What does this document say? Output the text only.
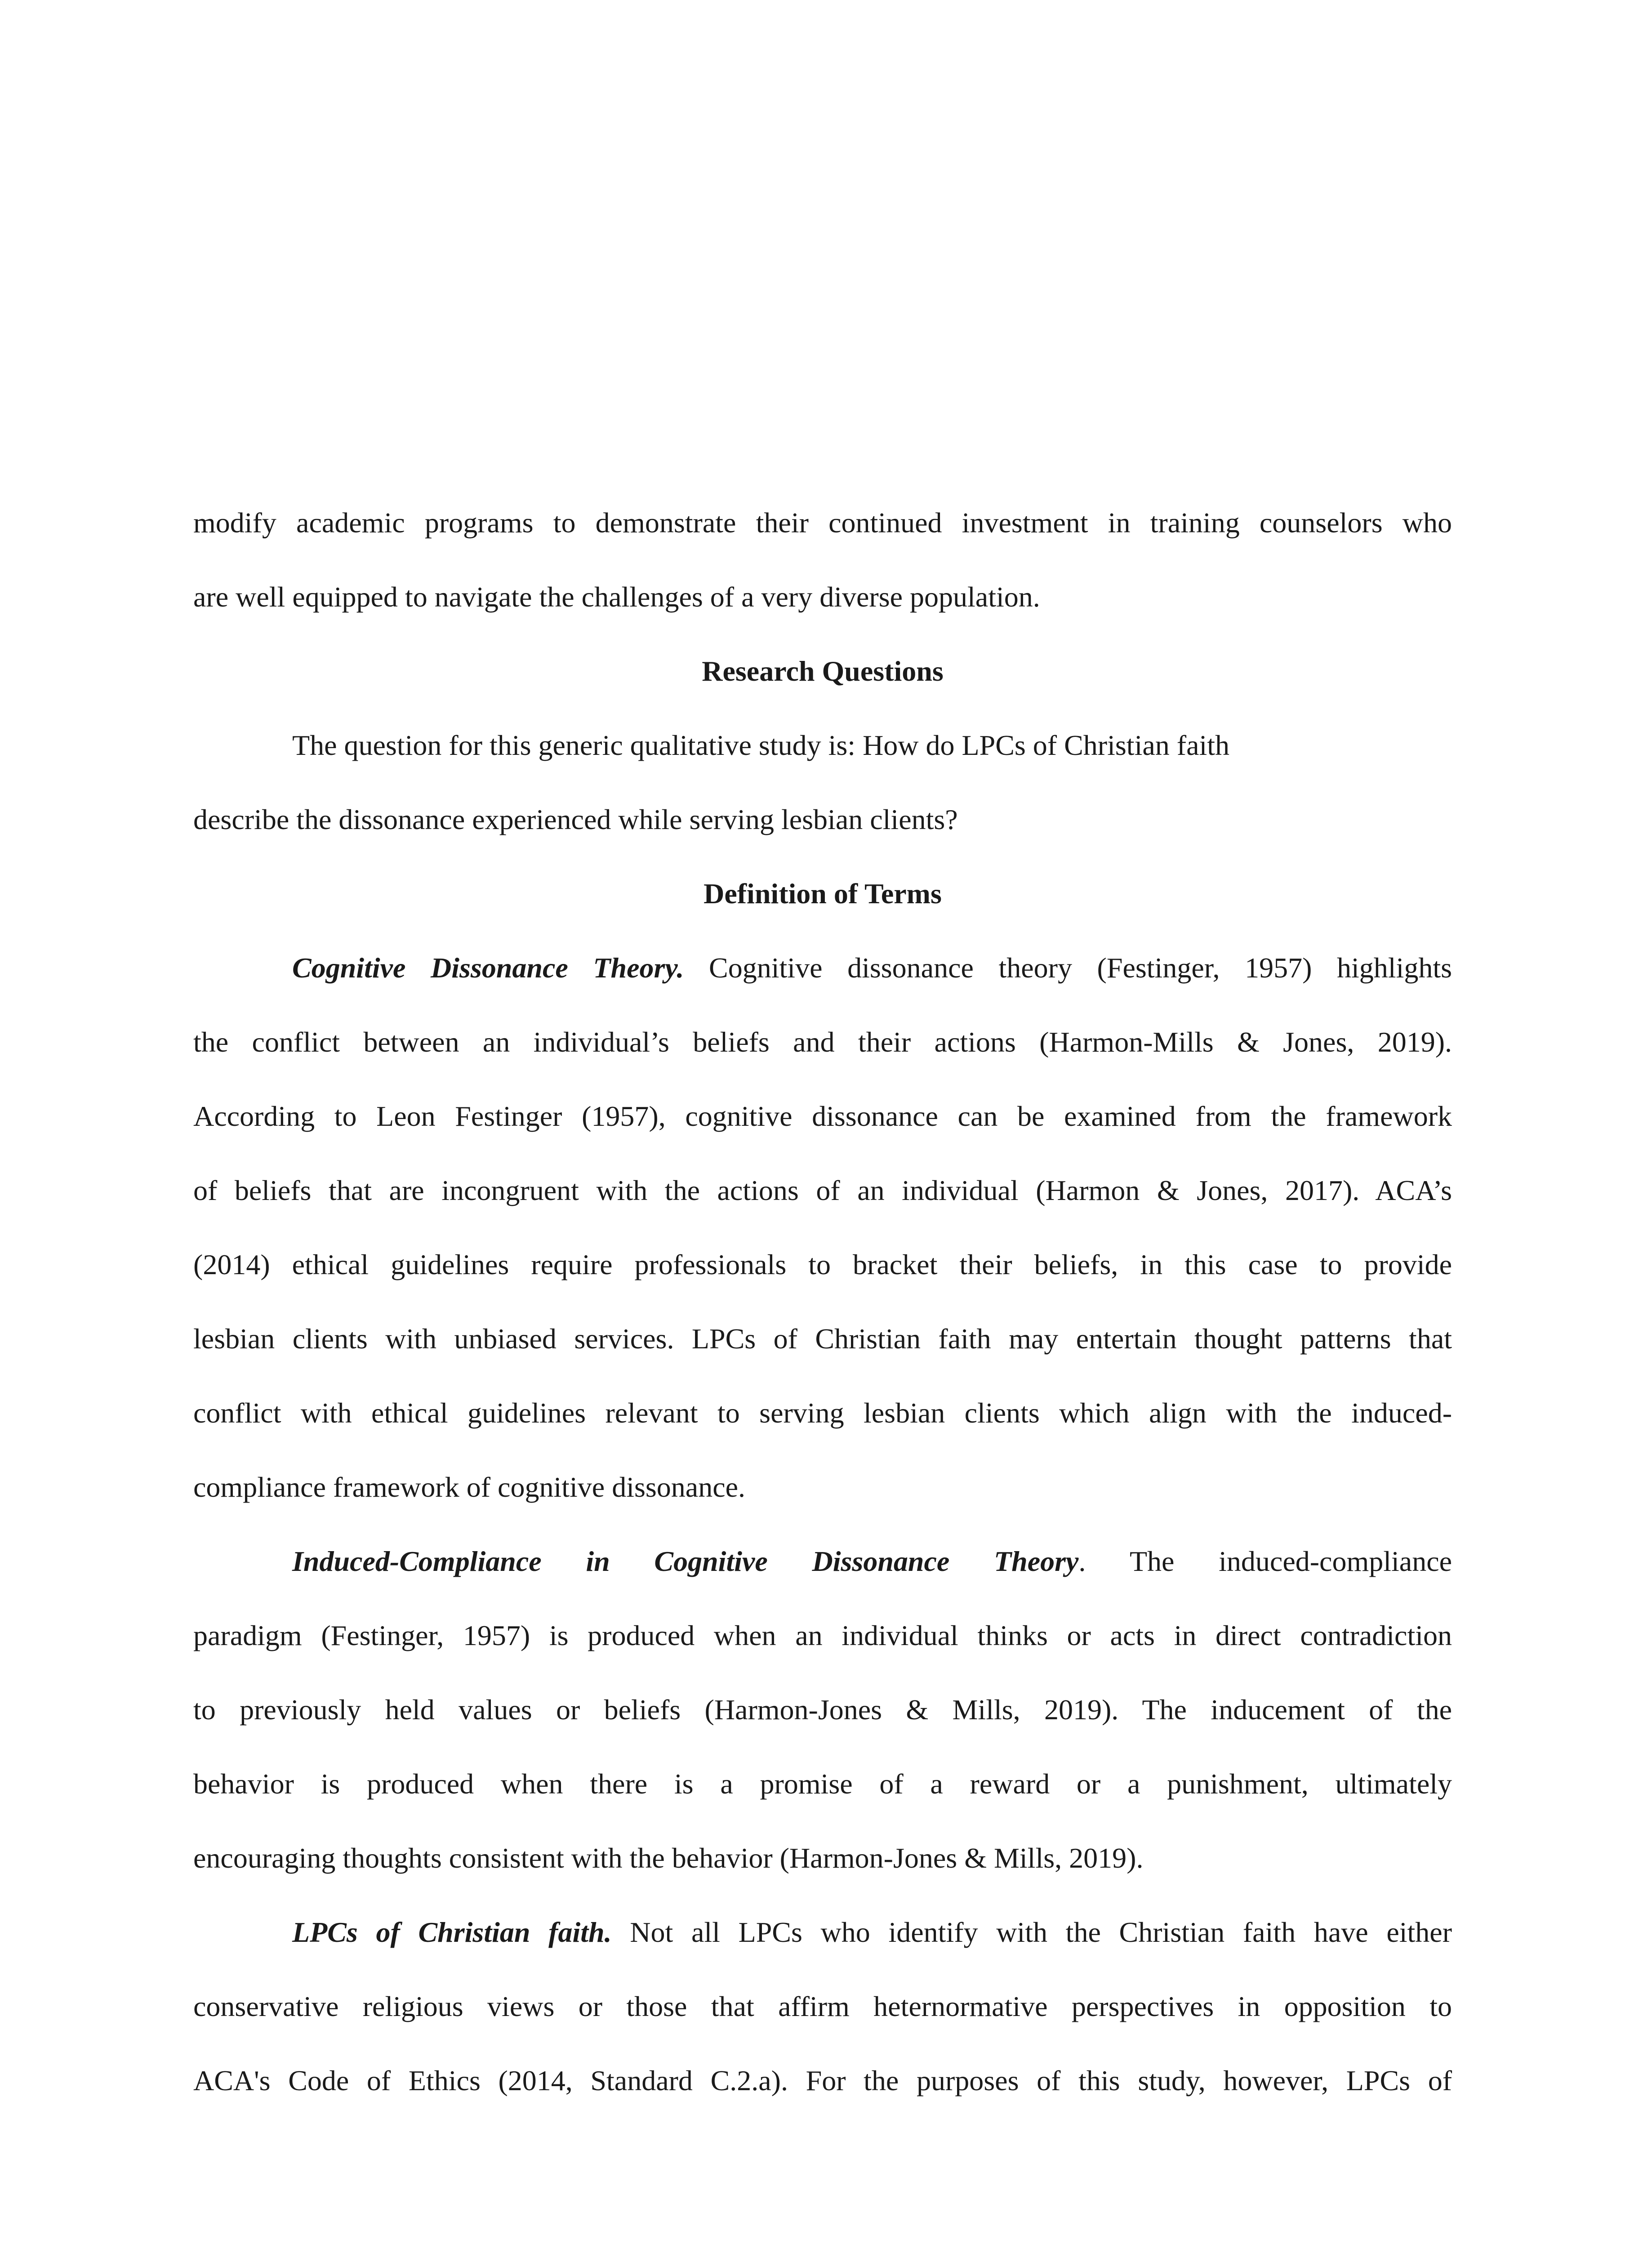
modify academic programs to demonstrate their continued investment in training counselors who
are well equipped to navigate the challenges of a very diverse population.
Research Questions
The question for this generic qualitative study is: How do LPCs of Christian faith
describe the dissonance experienced while serving lesbian clients?
Definition of Terms
Cognitive Dissonance Theory. Cognitive dissonance theory (Festinger, 1957) highlights
the conflict between an individual’s beliefs and their actions (Harmon-Mills & Jones, 2019).
According to Leon Festinger (1957), cognitive dissonance can be examined from the framework
of beliefs that are incongruent with the actions of an individual (Harmon & Jones, 2017). ACA’s
(2014) ethical guidelines require professionals to bracket their beliefs, in this case to provide
lesbian clients with unbiased services. LPCs of Christian faith may entertain thought patterns that
conflict with ethical guidelines relevant to serving lesbian clients which align with the induced-
compliance framework of cognitive dissonance.
Induced-Compliance in Cognitive Dissonance Theory. The induced-compliance
paradigm (Festinger, 1957) is produced when an individual thinks or acts in direct contradiction
to previously held values or beliefs (Harmon-Jones & Mills, 2019). The inducement of the
behavior is produced when there is a promise of a reward or a punishment, ultimately
encouraging thoughts consistent with the behavior (Harmon-Jones & Mills, 2019).
LPCs of Christian faith. Not all LPCs who identify with the Christian faith have either
conservative religious views or those that affirm heternormative perspectives in opposition to
ACA's Code of Ethics (2014, Standard C.2.a). For the purposes of this study, however, LPCs of
